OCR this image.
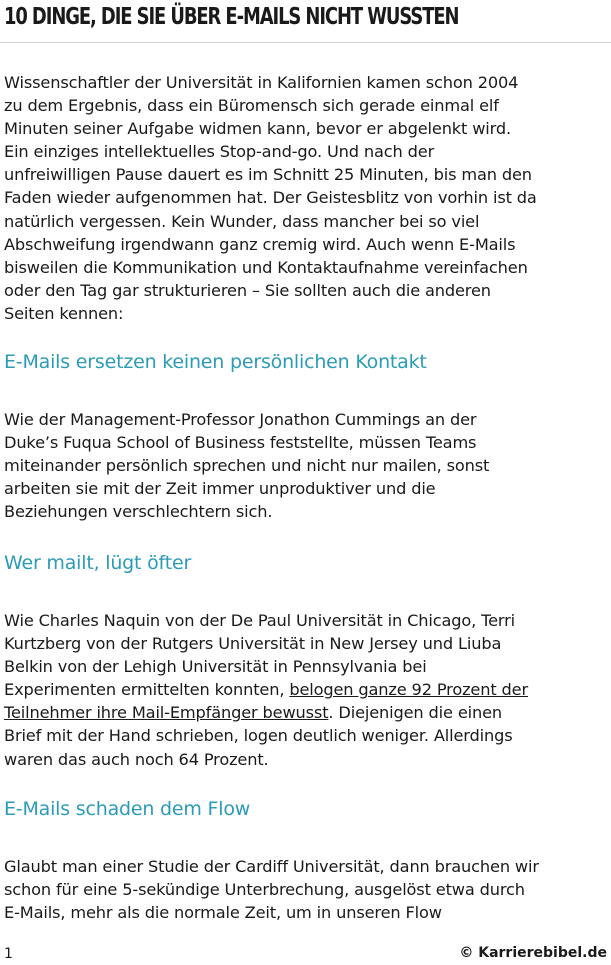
10 DINGE, DIE SIE ÜBER E-MAILS NICHT WUSSTEN

Wissenschaftler der Universität in Kalifornien kamen schon 2004
zu dem Ergebnis, dass ein Büromensch sich gerade einmal elf
Minuten seiner Aufgabe widmen kann, bevor er abgelenkt wird.
Ein einziges intellektuelles Stop-and-go. Und nach der
unfreiwilligen Pause dauert es im Schnitt 25 Minuten, bis man den
Faden wieder aufgenommen hat. Der Geistesblitz von vorhin ist da
natürlich vergessen. Kein Wunder, dass mancher bei so viel
Abschweifung irgendwann ganz cremig wird. Auch wenn E-Mails
bisweilen die Kommunikation und Kontaktaufnahme vereinfachen
oder den Tag gar strukturieren – Sie sollten auch die anderen
Seiten kennen:

E-Mails ersetzen keinen persönlichen Kontakt

Wie der Management-Professor Jonathon Cummings an der
Duke’s Fuqua School of Business feststellte, müssen Teams
miteinander persönlich sprechen und nicht nur mailen, sonst
arbeiten sie mit der Zeit immer unproduktiver und die
Beziehungen verschlechtern sich.

Wer mailt, lügt öfter

Wie Charles Naquin von der De Paul Universität in Chicago, Terri
Kurtzberg von der Rutgers Universität in New Jersey und Liuba
Belkin von der Lehigh Universität in Pennsylvania bei
Experimenten ermittelten konnten, belogen ganze 92 Prozent der
Teilnehmer ihre Mail-Empfänger bewusst. Diejenigen die einen
Brief mit der Hand schrieben, logen deutlich weniger. Allerdings
waren das auch noch 64 Prozent.

E-Mails schaden dem Flow

Glaubt man einer Studie der Cardiff Universität, dann brauchen wir
schon für eine 5-sekündige Unterbrechung, ausgelöst etwa durch
E-Mails, mehr als die normale Zeit, um in unseren Flow

1	© Karrierebibel.de
